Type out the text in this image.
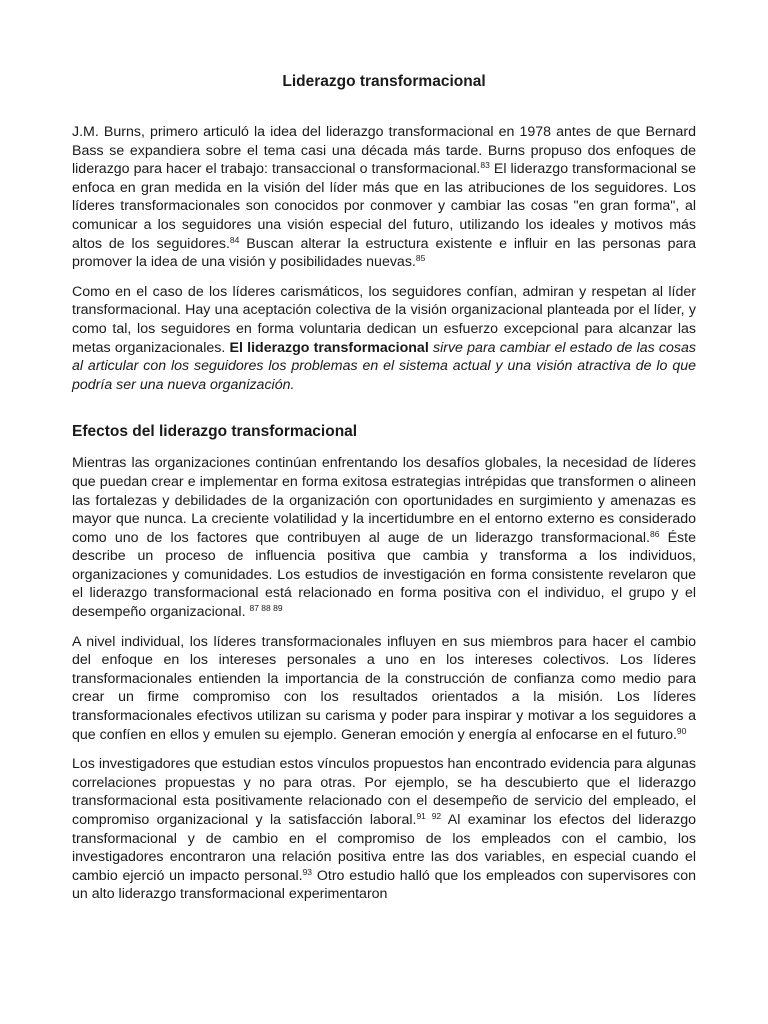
Liderazgo transformacional

J.M. Burns, primero articuló la idea del liderazgo transformacional en 1978 antes de que Bernard Bass se expandiera sobre el tema casi una década más tarde. Burns propuso dos enfoques de liderazgo para hacer el trabajo: transaccional o transformacional.$^{83}$ El liderazgo transformacional se enfoca en gran medida en la visión del líder más que en las atribuciones de los seguidores. Los líderes transformacionales son conocidos por conmover y cambiar las cosas "en gran forma", al comunicar a los seguidores una visión especial del futuro, utilizando los ideales y motivos más altos de los seguidores.$^{84}$ Buscan alterar la estructura existente e influir en las personas para promover la idea de una visión y posibilidades nuevas.$^{85}$

Como en el caso de los líderes carismáticos, los seguidores confían, admiran y respetan al líder transformacional. Hay una aceptación colectiva de la visión organizacional planteada por el líder, y como tal, los seguidores en forma voluntaria dedican un esfuerzo excepcional para alcanzar las metas organizacionales. El liderazgo transformacional sirve para cambiar el estado de las cosas al articular con los seguidores los problemas en el sistema actual y una visión atractiva de lo que podría ser una nueva organización.

Efectos del liderazgo transformacional

Mientras las organizaciones continúan enfrentando los desafíos globales, la necesidad de líderes que puedan crear e implementar en forma exitosa estrategias intrépidas que transformen o alineen las fortalezas y debilidades de la organización con oportunidades en surgimiento y amenazas es mayor que nunca. La creciente volatilidad y la incertidumbre en el entorno externo es considerado como uno de los factores que contribuyen al auge de un liderazgo transformacional.$^{86}$ Éste describe un proceso de influencia positiva que cambia y transforma a los individuos, organizaciones y comunidades. Los estudios de investigación en forma consistente revelaron que el liderazgo transformacional está relacionado en forma positiva con el individuo, el grupo y el desempeño organizacional. $^{87 88 89}$

A nivel individual, los líderes transformacionales influyen en sus miembros para hacer el cambio del enfoque en los intereses personales a uno en los intereses colectivos. Los líderes transformacionales entienden la importancia de la construcción de confianza como medio para crear un firme compromiso con los resultados orientados a la misión. Los líderes transformacionales efectivos utilizan su carisma y poder para inspirar y motivar a los seguidores a que confíen en ellos y emulen su ejemplo. Generan emoción y energía al enfocarse en el futuro.$^{90}$

Los investigadores que estudian estos vínculos propuestos han encontrado evidencia para algunas correlaciones propuestas y no para otras. Por ejemplo, se ha descubierto que el liderazgo transformacional esta positivamente relacionado con el desempeño de servicio del empleado, el compromiso organizacional y la satisfacción laboral.$^{91 92}$ Al examinar los efectos del liderazgo transformacional y de cambio en el compromiso de los empleados con el cambio, los investigadores encontraron una relación positiva entre las dos variables, en especial cuando el cambio ejerció un impacto personal.$^{93}$ Otro estudio halló que los empleados con supervisores con un alto liderazgo transformacional experimentaron
